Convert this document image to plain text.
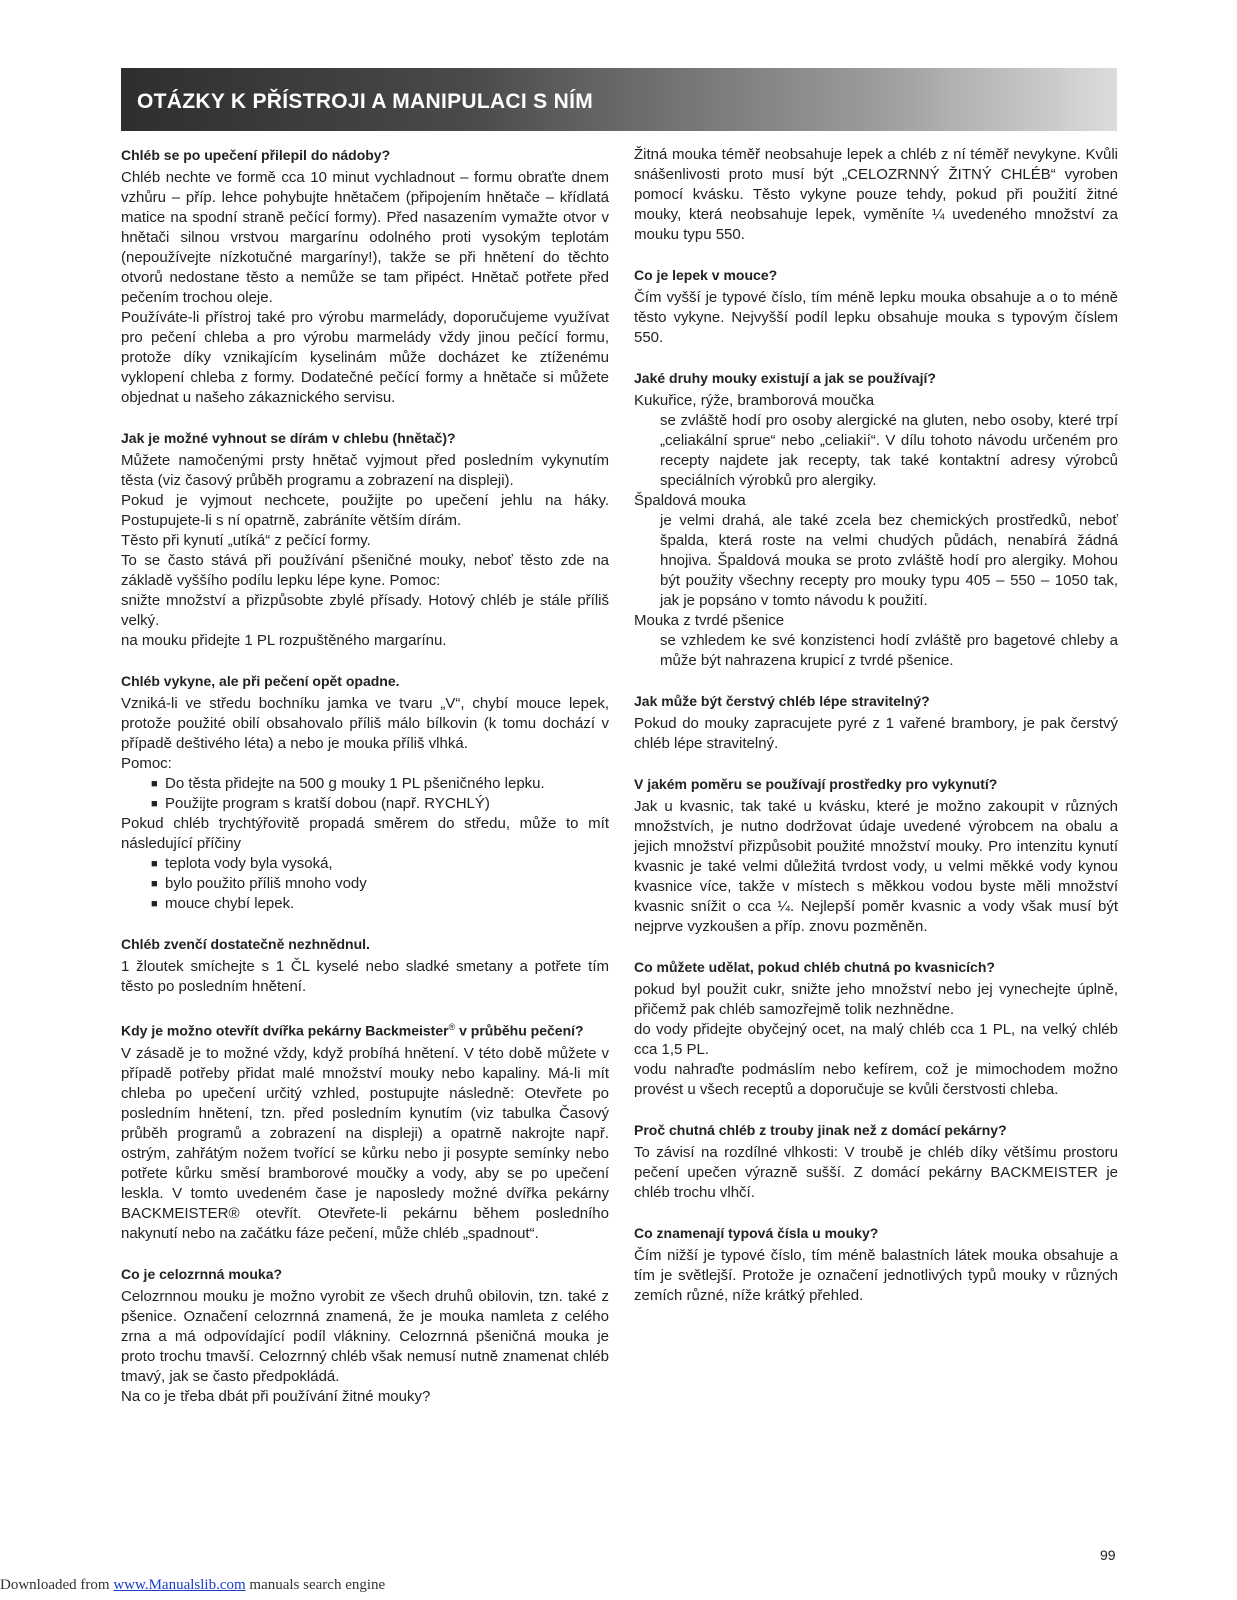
OTÁZKY K PŘÍSTROJI A MANIPULACI S NÍM
Chléb se po upečení přilepil do nádoby?

Chléb nechte ve formě cca 10 minut vychladnout – formu obraťte dnem vzhůru – příp. lehce pohybujte hnětačem (připojením hnětače – křídlatá matice na spodní straně pečící formy). Před nasazením vymažte otvor v hnětači silnou vrstvou margarínu odolného proti vysokým teplotám (nepoužívejte nízkotučné margaríny!), takže se při hnětení do těchto otvorů nedostane těsto a nemůže se tam připéct. Hnětač potřete před pečením trochou oleje.

Používáte-li přístroj také pro výrobu marmelády, doporučujeme využívat pro pečení chleba a pro výrobu marmelády vždy jinou pečící formu, protože díky vznikajícím kyselinám může docházet ke ztíženému vyklopení chleba z formy. Dodatečné pečící formy a hnětače si můžete objednat u našeho zákaznického servisu.

Jak je možné vyhnout se dírám v chlebu (hnětač)?

Můžete namočenými prsty hnětač vyjmout před posledním vykynutím těsta (viz časový průběh programu a zobrazení na displeji).

Pokud je vyjmout nechcete, použijte po upečení jehlu na háky. Postupujete-li s ní opatrně, zabráníte větším dírám.

Těsto při kynutí „utíká“ z pečící formy.

To se často stává při používání pšeničné mouky, neboť těsto zde na základě vyššího podílu lepku lépe kyne. Pomoc:

snižte množství a přizpůsobte zbylé přísady. Hotový chléb je stále příliš velký.

na mouku přidejte 1 PL rozpuštěného margarínu.

Chléb vykyne, ale při pečení opět opadne.

Vzniká-li ve středu bochníku jamka ve tvaru „V“, chybí mouce lepek, protože použité obilí obsahovalo příliš málo bílkovin (k tomu dochází v případě deštivého léta) a nebo je mouka příliš vlhká.

Pomoc:

■ Do těsta přidejte na 500 g mouky 1 PL pšeničného lepku.
■ Použijte program s kratší dobou (např. RYCHLÝ)

Pokud chléb trychtýřovitě propadá směrem do středu, může to mít následující příčiny

■ teplota vody byla vysoká,
■ bylo použito příliš mnoho vody
■ mouce chybí lepek.
Chléb zvenčí dostatečně nezhnědnul.

1 žloutek smíchejte s 1 ČL kyselé nebo sladké smetany a potřete tím těsto po posledním hnětení.

Kdy je možno otevřít dvířka pekárny Backmeister® v průběhu pečení?

V zásadě je to možné vždy, když probíhá hnětení. V této době můžete v případě potřeby přidat malé množství mouky nebo kapaliny. Má-li mít chleba po upečení určitý vzhled, postupujte následně: Otevřete po posledním hnětení, tzn. před posledním kynutím (viz tabulka Časový průběh programů a zobrazení na displeji) a opatrně nakrojte např. ostrým, zahřátým nožem tvořící se kůrku nebo ji posypte semínky nebo potřete kůrku směsí bramborové moučky a vody, aby se po upečení leskla. V tomto uvedeném čase je naposledy možné dvířka pekárny BACKMEISTER® otevřít. Otevřete-li pekárnu během posledního nakynutí nebo na začátku fáze pečení, může chléb „spadnout“.

Co je celozrnná mouka?

Celozrnnou mouku je možno vyrobit ze všech druhů obilovin, tzn. také z pšenice. Označení celozrnná znamená, že je mouka namleta z celého zrna a má odpovídající podíl vlákniny. Celozrnná pšeničná mouka je proto trochu tmavší. Celozrnný chléb však nemusí nutně znamenat chléb tmavý, jak se často předpokládá.

Na co je třeba dbát při používání žitné mouky?

Žitná mouka téměř neobsahuje lepek a chléb z ní téměř nevykyne. Kvůli snášenlivosti proto musí být „CELOZRNNÝ ŽITNÝ CHLÉB“ vyroben pomocí kvásku. Těsto vykyne pouze tehdy, pokud při použití žitné mouky, která neobsahuje lepek, vyměníte ¼ uvedeného množství za mouku typu 550.

Co je lepek v mouce?

Čím vyšší je typové číslo, tím méně lepku mouka obsahuje a o to méně těsto vykyne. Nejvyšší podíl lepku obsahuje mouka s typovým číslem 550.

Jaké druhy mouky existují a jak se používají?

Kukuřice, rýže, bramborová moučka

se zvláště hodí pro osoby alergické na gluten, nebo osoby, které trpí „celiakální sprue“ nebo „celiakií“. V dílu tohoto návodu určeném pro recepty najdete jak recepty, tak také kontaktní adresy výrobců speciálních výrobků pro alergiky.

Špaldová mouka

je velmi drahá, ale také zcela bez chemických prostředků, neboť špalda, která roste na velmi chudých půdách, nenabírá žádná hnojiva. Špaldová mouka se proto zvláště hodí pro alergiky. Mohou být použity všechny recepty pro mouky typu 405 – 550 – 1050 tak, jak je popsáno v tomto návodu k použití.

Mouka z tvrdé pšenice

se vzhledem ke své konzistenci hodí zvláště pro bagetové chleby a může být nahrazena krupicí z tvrdé pšenice.

Jak může být čerstvý chléb lépe stravitelný?

Pokud do mouky zapracujete pyré z 1 vařené brambory, je pak čerstvý chléb lépe stravitelný.

V jakém poměru se používají prostředky pro vykynutí?

Jak u kvasnic, tak také u kvásku, které je možno zakoupit v různých množstvích, je nutno dodržovat údaje uvedené výrobcem na obalu a jejich množství přizpůsobit použité množství mouky. Pro intenzitu kynutí kvasnic je také velmi důležitá tvrdost vody, u velmi měkké vody kynou kvasnice více, takže v místech s měkkou vodou byste měli množství kvasnic snížit o cca ¼. Nejlepší poměr kvasnic a vody však musí být nejprve vyzkoušen a příp. znovu pozměněn.

Co můžete udělat, pokud chléb chutná po kvasnicích?

pokud byl použit cukr, snižte jeho množství nebo jej vynechejte úplně, přičemž pak chléb samozřejmě tolik nezhnědne.

do vody přidejte obyčejný ocet, na malý chléb cca 1 PL, na velký chléb cca 1,5 PL.

vodu nahraďte podmáslím nebo kefírem, což je mimochodem možno provést u všech receptů a doporučuje se kvůli čerstvosti chleba.

Proč chutná chléb z trouby jinak než z domácí pekárny?

To závisí na rozdílné vlhkosti: V troubě je chléb díky většímu prostoru pečení upečen výrazně sušší. Z domácí pekárny BACKMEISTER je chléb trochu vlhčí.

Co znamenají typová čísla u mouky?

Čím nižší je typové číslo, tím méně balastních látek mouka obsahuje a tím je světlejší. Protože je označení jednotlivých typů mouky v různých zemích různé, níže krátký přehled.

99
Downloaded from www.Manualslib.com manuals search engine
